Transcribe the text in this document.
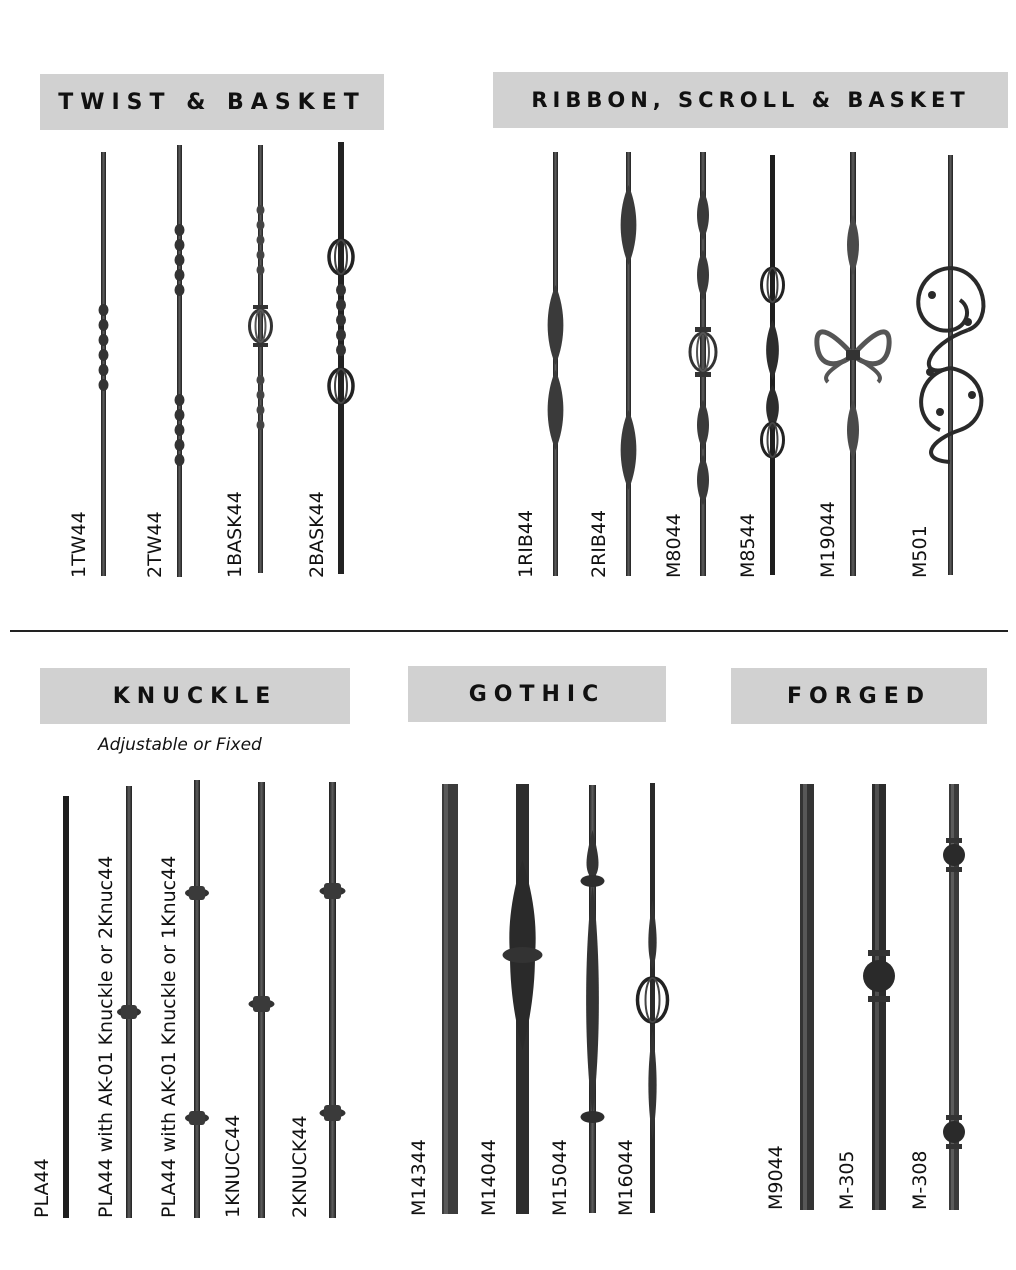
TWIST & BASKET	RIBBON, SCROLL & BASKET
KNUCKLE
Adjustable or Fixed
GOTHIC	FORGED
1TW44	2TW44	1BASK44	2BASK44	1RIB44	2RIB44	M8044	M8544	M19044	M501
PLA44 PLA44 with AK-01 Knuckle or 2Knuc44 PLA44 with AK-01 Knuckle or 1Knuc44 1KNUCC44 2KNUCK44	M14344	M14044	M15044 M16044	M9044	M-305	M-308
